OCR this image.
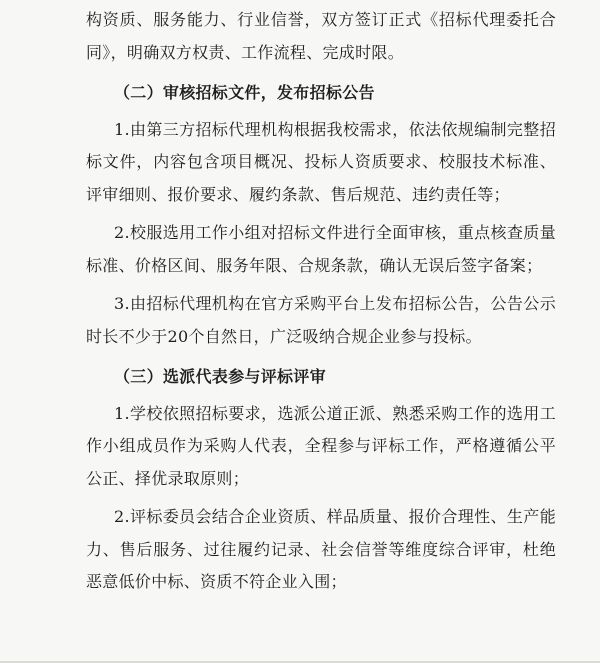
构资质、服务能力、行业信誉，双方签订正式《招标代理委托合同》，明确双方权责、工作流程、完成时限。

（二）审核招标文件，发布招标公告

1.由第三方招标代理机构根据我校需求，依法依规编制完整招标文件，内容包含项目概况、投标人资质要求、校服技术标准、评审细则、报价要求、履约条款、售后规范、违约责任等；

2.校服选用工作小组对招标文件进行全面审核，重点核查质量标准、价格区间、服务年限、合规条款，确认无误后签字备案；

3.由招标代理机构在官方采购平台上发布招标公告，公告公示时长不少于20个自然日，广泛吸纳合规企业参与投标。

（三）选派代表参与评标评审

1.学校依照招标要求，选派公道正派、熟悉采购工作的选用工作小组成员作为采购人代表，全程参与评标工作，严格遵循公平公正、择优录取原则；

2.评标委员会结合企业资质、样品质量、报价合理性、生产能力、售后服务、过往履约记录、社会信誉等维度综合评审，杜绝恶意低价中标、资质不符企业入围；
